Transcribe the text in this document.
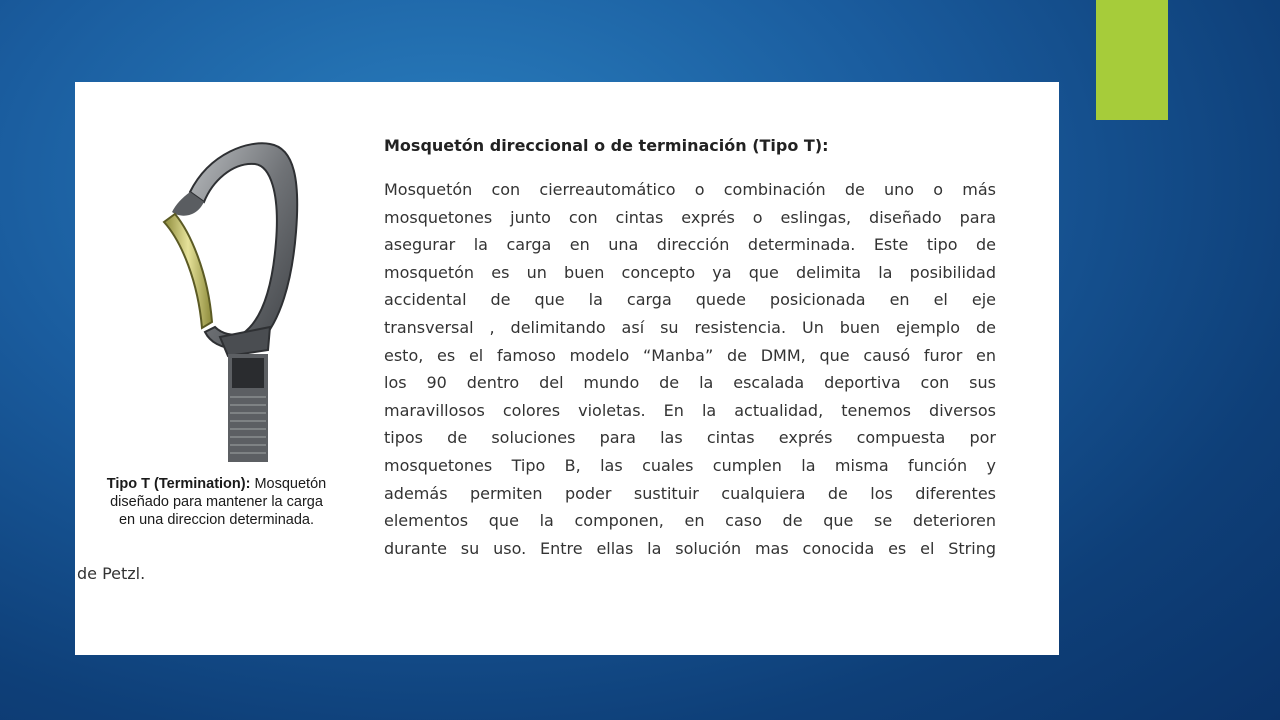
Tipo T (Termination): Mosquetón
diseñado para mantener la carga
en una direccion determinada.
Mosquetón direccional o de terminación (Tipo T):
Mosquetón con cierreautomático o combinación de uno o más
mosquetones junto con cintas exprés o eslingas, diseñado para
asegurar la carga en una dirección determinada. Este tipo de
mosquetón es un buen concepto ya que delimita la posibilidad
accidental de que la carga quede posicionada en el eje
transversal , delimitando así su resistencia. Un buen ejemplo de
esto, es el famoso modelo “Manba” de DMM, que causó furor en
los 90 dentro del mundo de la escalada deportiva con sus
maravillosos colores violetas. En la actualidad, tenemos diversos
tipos de soluciones para las cintas exprés compuesta por
mosquetones Tipo B, las cuales cumplen la misma función y
además permiten poder sustituir cualquiera de los diferentes
elementos que la componen, en caso de que se deterioren
durante su uso. Entre ellas la solución mas conocida es el String
de Petzl.
